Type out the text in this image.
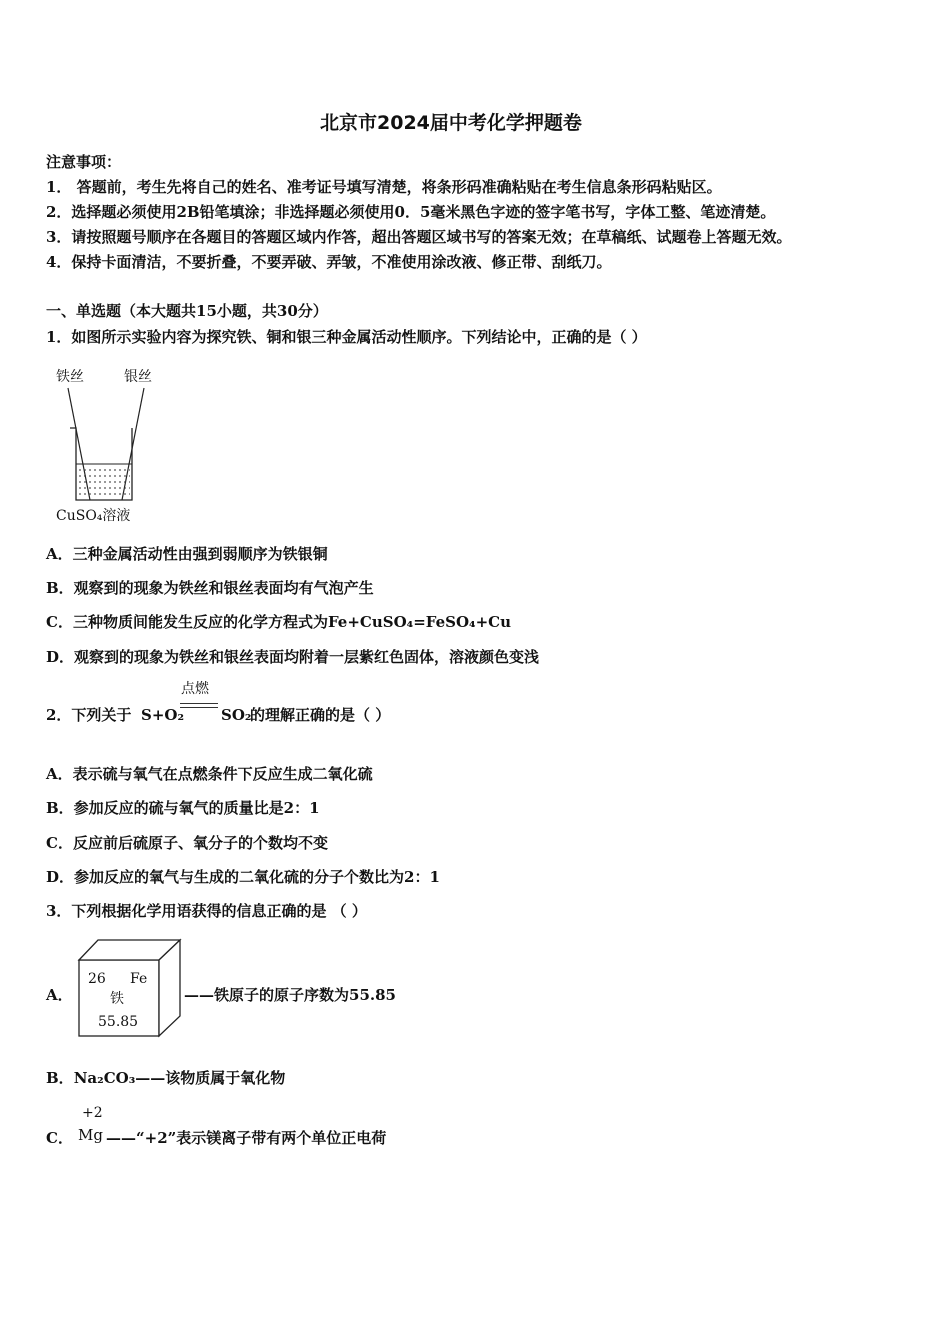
北京市2024届中考化学押题卷
注意事项：
1． 答题前，考生先将自己的姓名、准考证号填写清楚，将条形码准确粘贴在考生信息条形码粘贴区。
2．选择题必须使用2B铅笔填涂；非选择题必须使用0．5毫米黑色字迹的签字笔书写，字体工整、笔迹清楚。
3．请按照题号顺序在各题目的答题区域内作答，超出答题区域书写的答案无效；在草稿纸、试题卷上答题无效。
4．保持卡面清洁，不要折叠，不要弄破、弄皱，不准使用涂改液、修正带、刮纸刀。
一、单选题（本大题共15小题，共30分）
1．如图所示实验内容为探究铁、铜和银三种金属活动性顺序。下列结论中，正确的是（ ）
铁丝	银丝
CuSO₄溶液
A．三种金属活动性由强到弱顺序为铁银铜
B．观察到的现象为铁丝和银丝表面均有气泡产生
C．三种物质间能发生反应的化学方程式为Fe+CuSO₄=FeSO₄+Cu
D．观察到的现象为铁丝和银丝表面均附着一层紫红色固体，溶液颜色变浅
2．下列关于 S+O₂
点燃
SO₂
的理解正确的是（ ）
A．表示硫与氧气在点燃条件下反应生成二氧化硫
B．参加反应的硫与氧气的质量比是2：1
C．反应前后硫原子、氧分子的个数均不变
D．参加反应的氧气与生成的二氧化硫的分子个数比为2：1
3．下列根据化学用语获得的信息正确的是 （ ）
A．
26 Fe
铁
55.85
——铁原子的原子序数为55.85
B．Na₂CO₃——该物质属于氧化物
+2
C． Mg ——“+2”表示镁离子带有两个单位正电荷
